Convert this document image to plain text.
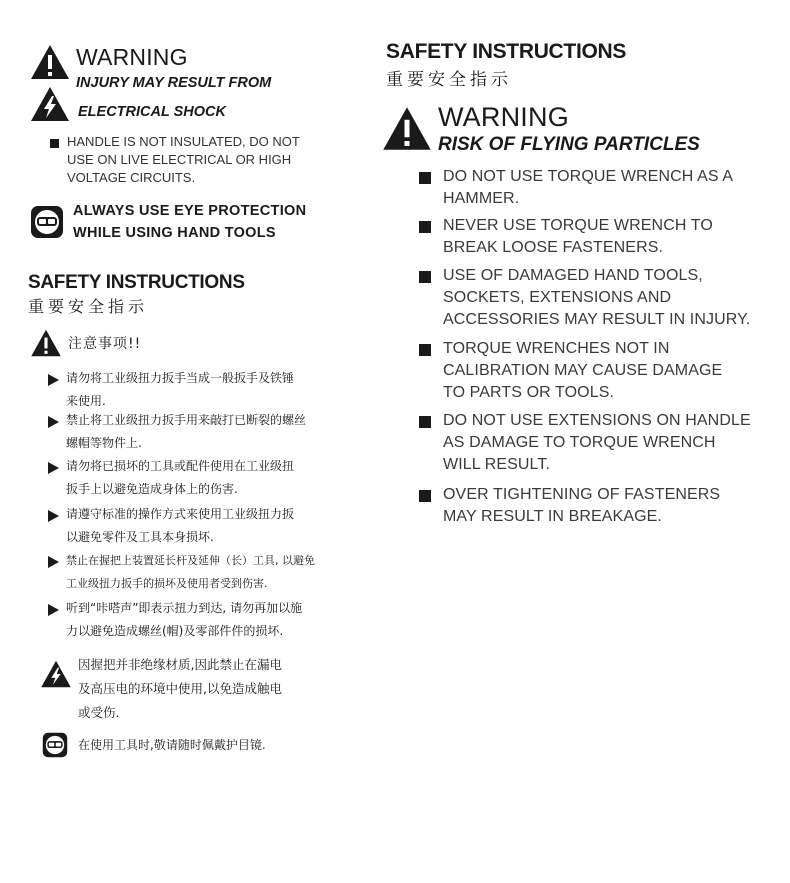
WARNING
INJURY MAY RESULT FROM
ELECTRICAL SHOCK
HANDLE IS NOT INSULATED, DO NOT
USE ON LIVE ELECTRICAL OR HIGH
VOLTAGE CIRCUITS.
ALWAYS USE EYE PROTECTION
WHILE USING HAND TOOLS
SAFETY INSTRUCTIONS
重要安全指示
注意事项!!
请勿将工业级扭力扳手当成一般扳手及铁锤
来使用.
禁止将工业级扭力扳手用来敲打已断裂的螺丝
螺帽等物件上.
请勿将已损坏的工具或配件使用在工业级扭
扳手上以避免造成身体上的伤害.
请遵守标准的操作方式来使用工业级扭力扳
以避免零件及工具本身损坏.
禁止在握把上装置延长杆及延伸（长）工具, 以避免
工业级扭力扳手的损坏及使用者受到伤害.
听到“咔嗒声”即表示扭力到达, 请勿再加以施
力以避免造成螺丝(帽)及零部件件的损坏.
因握把并非绝缘材质,因此禁止在漏电
及高压电的环境中使用,以免造成触电
或受伤.
在使用工具时,敬请随时佩戴护目镜.
SAFETY INSTRUCTIONS
重要安全指示
WARNING
RISK OF FLYING PARTICLES
DO NOT USE TORQUE WRENCH AS A
HAMMER.
NEVER USE TORQUE WRENCH TO
BREAK LOOSE FASTENERS.
USE OF DAMAGED HAND TOOLS,
SOCKETS, EXTENSIONS AND
ACCESSORIES MAY RESULT IN INJURY.
TORQUE WRENCHES NOT IN
CALIBRATION MAY CAUSE DAMAGE
TO PARTS OR TOOLS.
DO NOT USE EXTENSIONS ON HANDLE
AS DAMAGE TO TORQUE WRENCH
WILL RESULT.
OVER TIGHTENING OF FASTENERS
MAY RESULT IN BREAKAGE.
